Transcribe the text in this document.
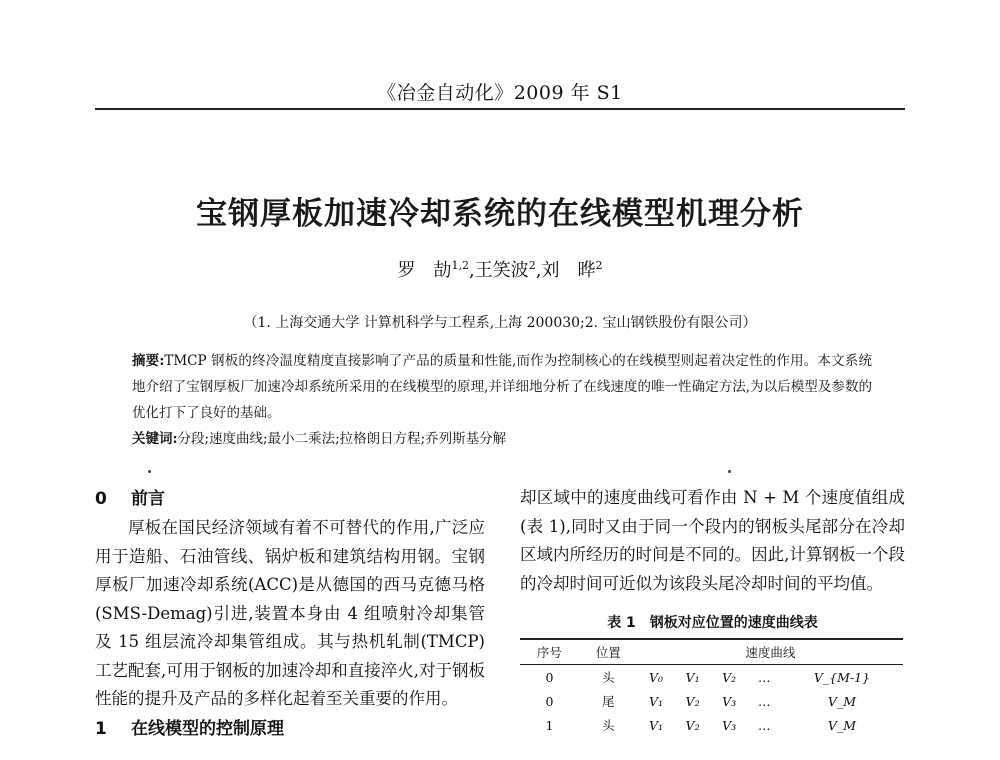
《冶金自动化》2009 年 S1
宝钢厚板加速冷却系统的在线模型机理分析
罗　劼$^{1,2}$,王笑波$^2$,刘　晔$^2$
（1. 上海交通大学 计算机科学与工程系,上海 200030;2. 宝山钢铁股份有限公司）
摘要:TMCP 钢板的终冷温度精度直接影响了产品的质量和性能,而作为控制核心的在线模型则起着决定性的作用。本文系统地介绍了宝钢厚板厂加速冷却系统所采用的在线模型的原理,并详细地分析了在线速度的唯一性确定方法,为以后模型及参数的优化打下了良好的基础。
关键词:分段;速度曲线;最小二乘法;拉格朗日方程;乔列斯基分解
0 前言

厚板在国民经济领域有着不可替代的作用,广泛应用于造船、石油管线、锅炉板和建筑结构用钢。宝钢厚板厂加速冷却系统(ACC)是从德国的西马克德马格(SMS-Demag)引进,装置本身由 4 组喷射冷却集管及 15 组层流冷却集管组成。其与热机轧制(TMCP)工艺配套,可用于钢板的加速冷却和直接淬火,对于钢板性能的提升及产品的多样化起着至关重要的作用。

1 在线模型的控制原理

却区域中的速度曲线可看作由 N + M 个速度值组成(表 1),同时又由于同一个段内的钢板头尾部分在冷却区域内所经历的时间是不同的。因此,计算钢板一个段的冷却时间可近似为该段头尾冷却时间的平均值。

表 1　钢板对应位置的速度曲线表
序号	位置	速度曲线				
0	头	V₀	V₁	V₂	…	V_{M-1}
0	尾	V₁	V₂	V₃	…	V_M
1	头	V₁	V₂	V₃	…	V_M
